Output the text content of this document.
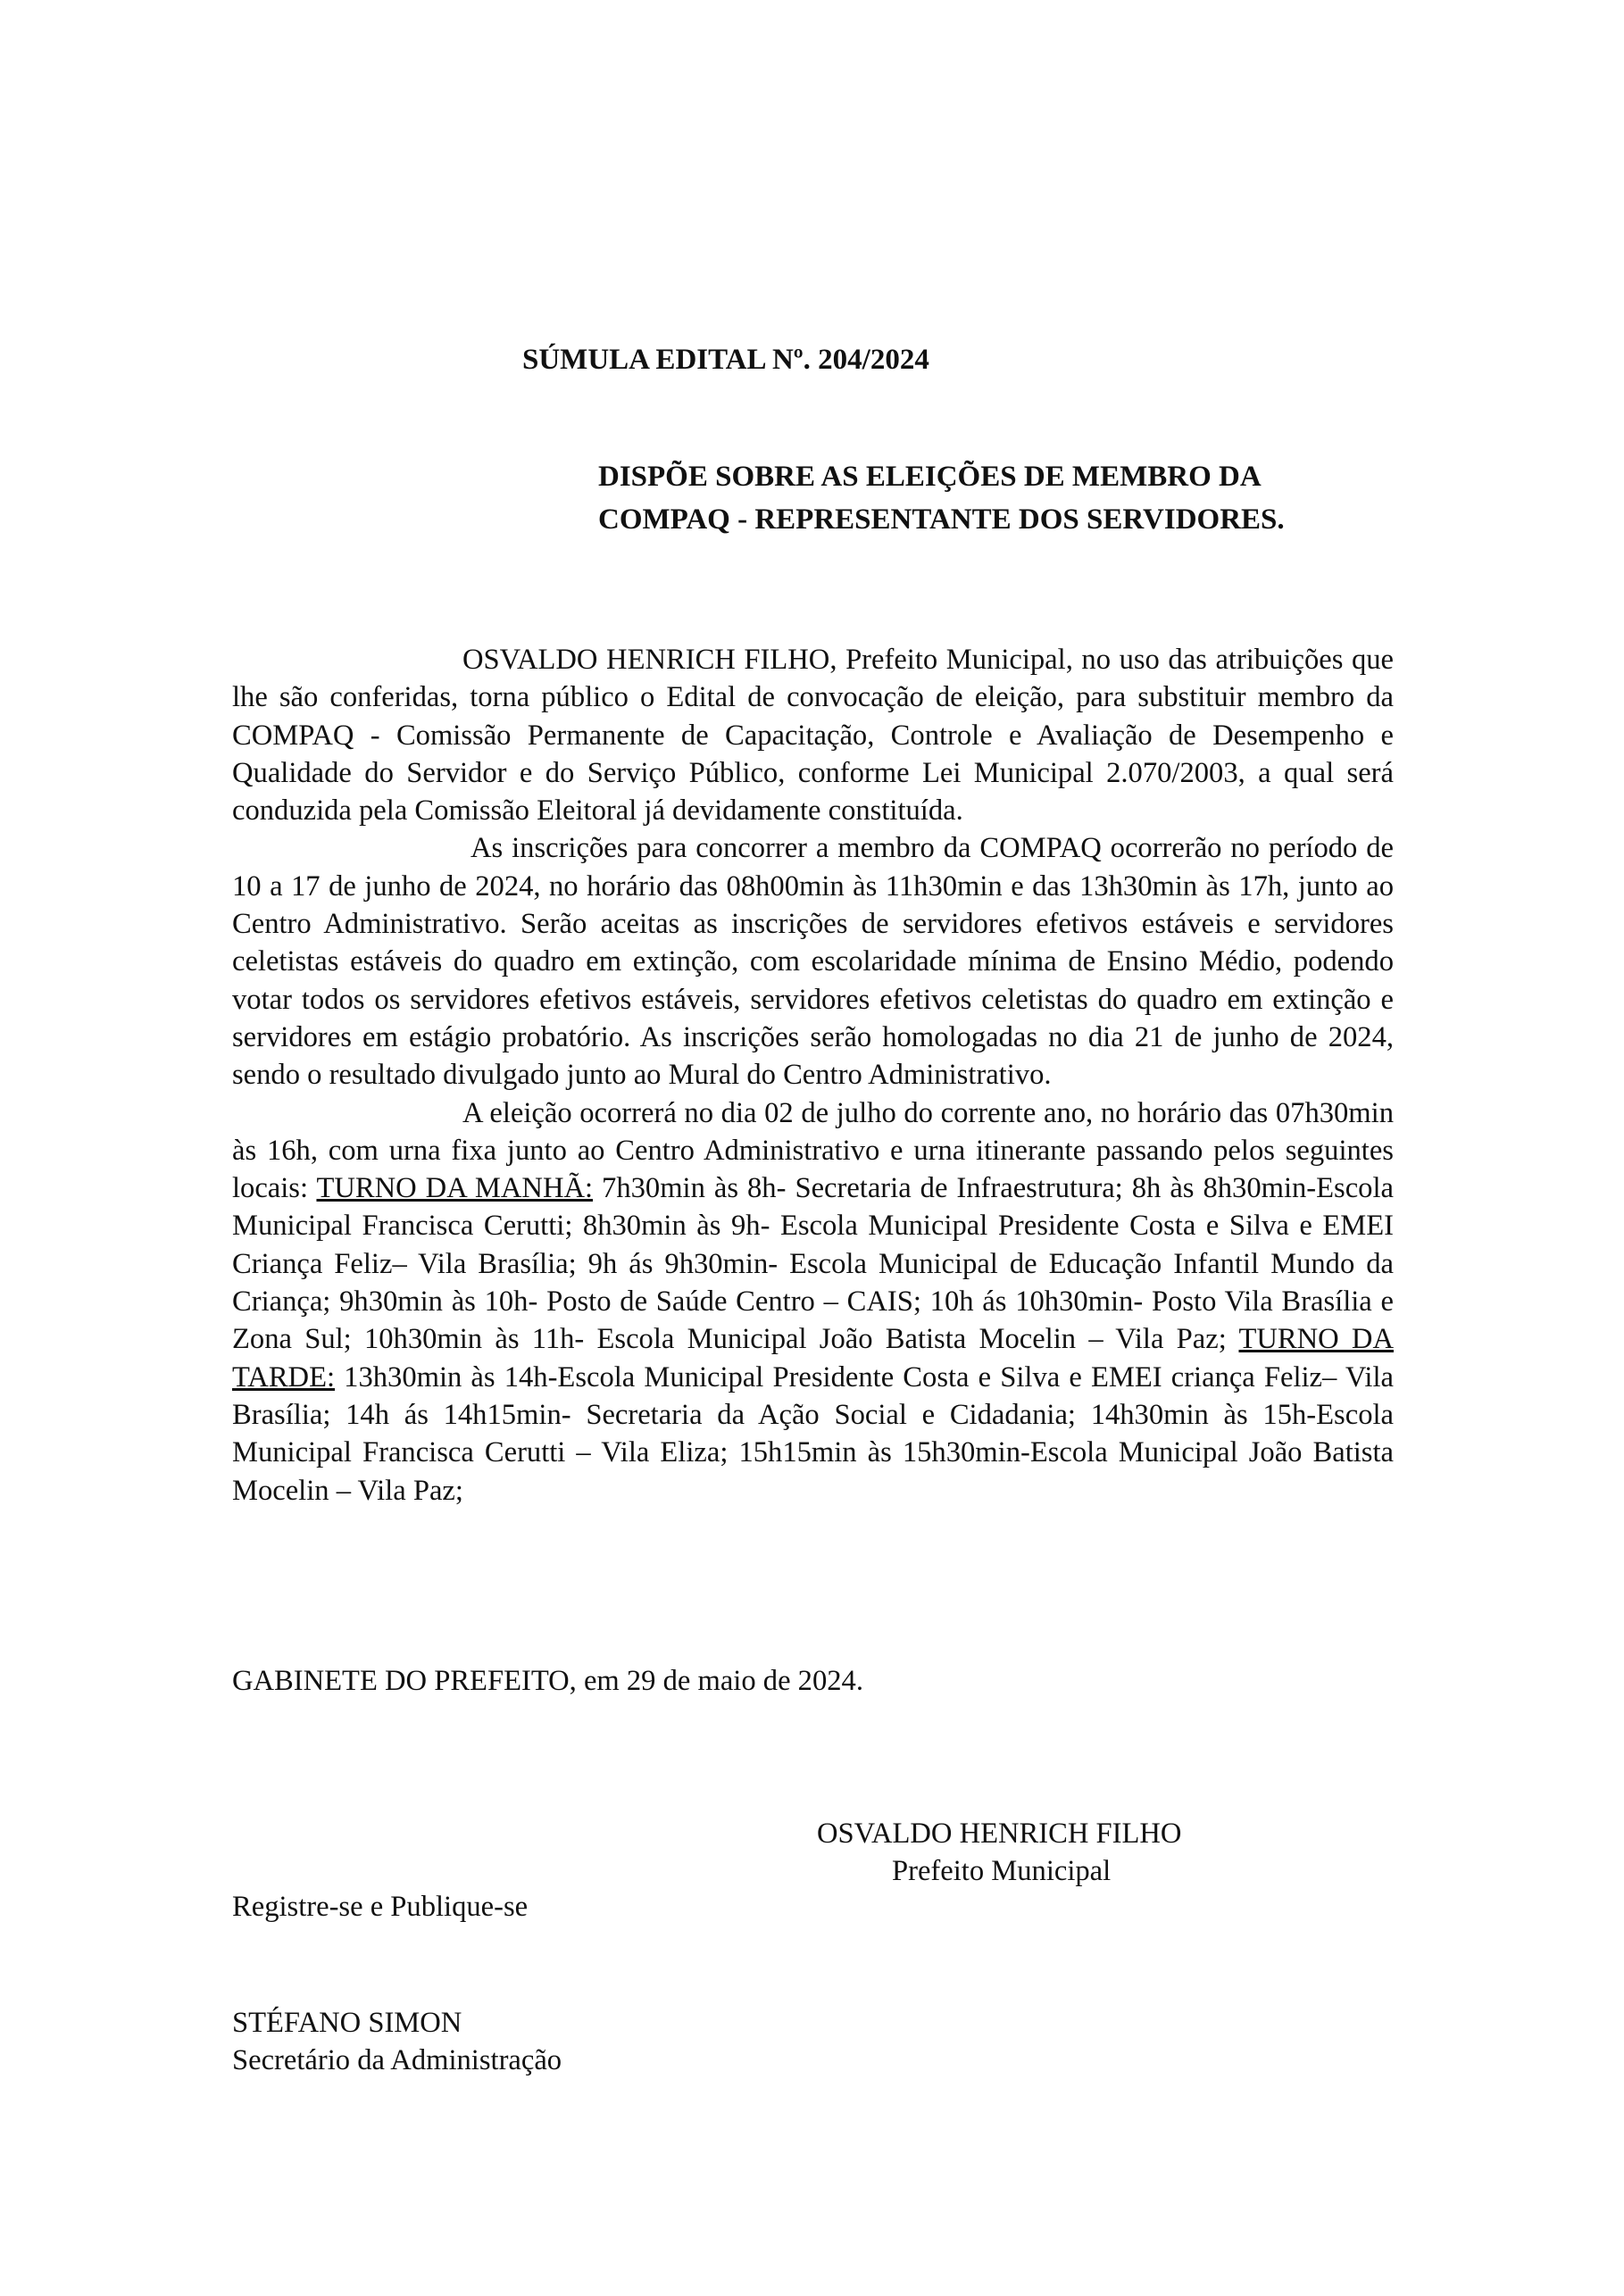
SÚMULA EDITAL Nº. 204/2024
DISPÕE SOBRE AS ELEIÇÕES DE MEMBRO DA
COMPAQ - REPRESENTANTE DOS SERVIDORES.

OSVALDO HENRICH FILHO, Prefeito Municipal, no uso das atribuições que lhe são conferidas, torna público o Edital de convocação de eleição, para substituir membro da COMPAQ - Comissão Permanente de Capacitação, Controle e Avaliação de Desempenho e Qualidade do Servidor e do Serviço Público, conforme Lei Municipal 2.070/2003, a qual será conduzida pela Comissão Eleitoral já devidamente constituída.

As inscrições para concorrer a membro da COMPAQ ocorrerão no período de 10 a 17 de junho de 2024, no horário das 08h00min às 11h30min e das 13h30min às 17h, junto ao Centro Administrativo. Serão aceitas as inscrições de servidores efetivos estáveis e servidores celetistas estáveis do quadro em extinção, com escolaridade mínima de Ensino Médio, podendo votar todos os servidores efetivos estáveis, servidores efetivos celetistas do quadro em extinção e servidores em estágio probatório. As inscrições serão homologadas no dia 21 de junho de 2024, sendo o resultado divulgado junto ao Mural do Centro Administrativo.

A eleição ocorrerá no dia 02 de julho do corrente ano, no horário das 07h30min às 16h, com urna fixa junto ao Centro Administrativo e urna itinerante passando pelos seguintes locais: TURNO DA MANHÃ: 7h30min às 8h- Secretaria de Infraestrutura; 8h às 8h30min-Escola Municipal Francisca Cerutti; 8h30min às 9h- Escola Municipal Presidente Costa e Silva e EMEI Criança Feliz– Vila Brasília; 9h ás 9h30min- Escola Municipal de Educação Infantil Mundo da Criança; 9h30min às 10h- Posto de Saúde Centro – CAIS; 10h ás 10h30min- Posto Vila Brasília e Zona Sul; 10h30min às 11h- Escola Municipal João Batista Mocelin – Vila Paz; TURNO DA TARDE: 13h30min às 14h-Escola Municipal Presidente Costa e Silva e EMEI criança Feliz– Vila Brasília; 14h ás 14h15min- Secretaria da Ação Social e Cidadania; 14h30min às 15h-Escola Municipal Francisca Cerutti – Vila Eliza; 15h15min às 15h30min-Escola Municipal João Batista Mocelin – Vila Paz;

GABINETE DO PREFEITO, em 29 de maio de 2024.
OSVALDO HENRICH FILHO
Prefeito Municipal
Registre-se e Publique-se
STÉFANO SIMON
Secretário da Administração
